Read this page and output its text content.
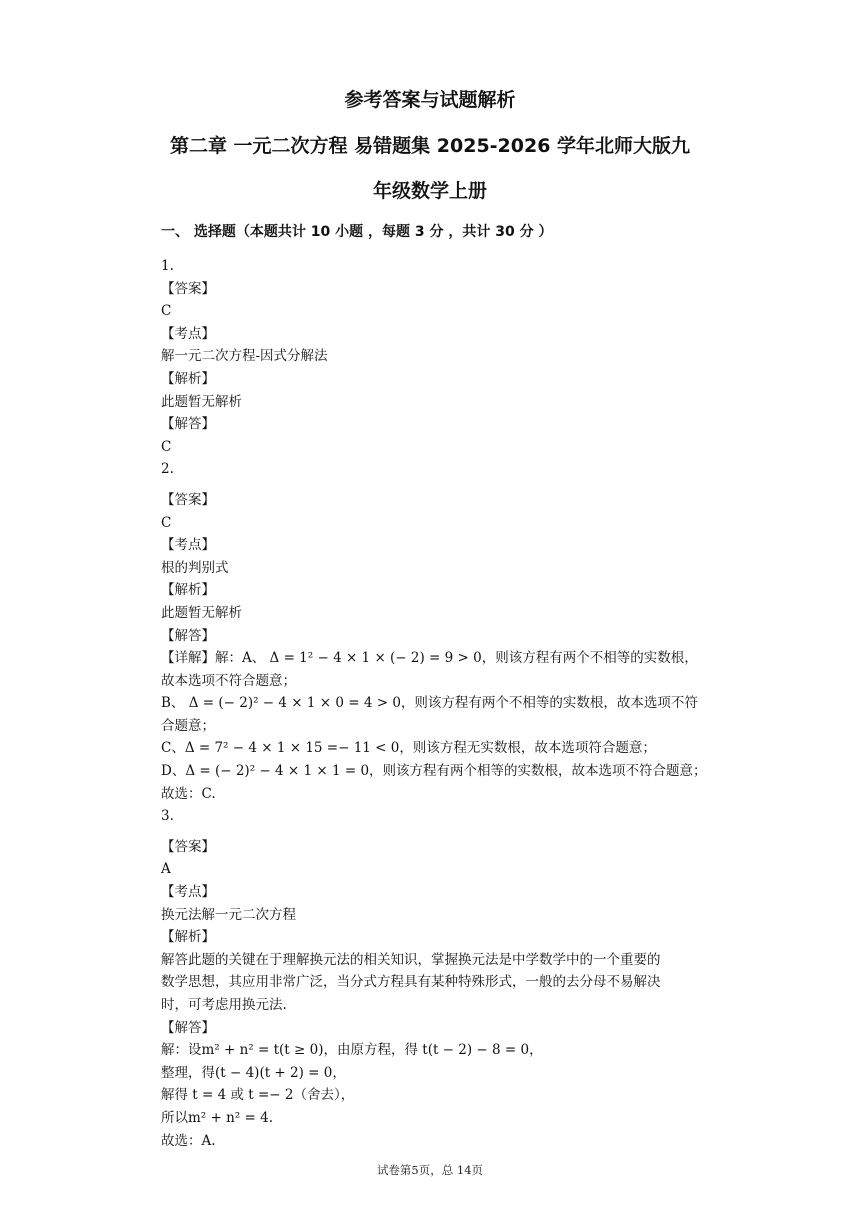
参考答案与试题解析
第二章 一元二次方程 易错题集 2025-2026 学年北师大版九
年级数学上册
一、 选择题（本题共计 10 小题 ，每题 3 分 ，共计 30 分 ）
1.
【答案】
C
【考点】
解一元二次方程-因式分解法
【解析】
此题暂无解析
【解答】
C
2.
【答案】
C
【考点】
根的判别式
【解析】
此题暂无解析
【解答】
【详解】解：A、 Δ = 1² − 4 × 1 × (− 2) = 9 > 0，则该方程有两个不相等的实数根，
故本选项不符合题意；
B、 Δ = (− 2)² − 4 × 1 × 0 = 4 > 0，则该方程有两个不相等的实数根，故本选项不符
合题意；
C、Δ = 7² − 4 × 1 × 15 =− 11 < 0，则该方程无实数根，故本选项符合题意；
D、Δ = (− 2)² − 4 × 1 × 1 = 0，则该方程有两个相等的实数根，故本选项不符合题意；
故选：C.
3.
【答案】
A
【考点】
换元法解一元二次方程
【解析】
解答此题的关键在于理解换元法的相关知识，掌握换元法是中学数学中的一个重要的
数学思想，其应用非常广泛，当分式方程具有某种特殊形式，一般的去分母不易解决
时，可考虑用换元法.
【解答】
解：设m² + n² = t(t ≥ 0)，由原方程，得 t(t − 2) − 8 = 0，
整理，得(t − 4)(t + 2) = 0，
解得 t = 4 或 t =− 2（舍去），
所以m² + n² = 4.
故选：A.
试卷第5页，总 14页
